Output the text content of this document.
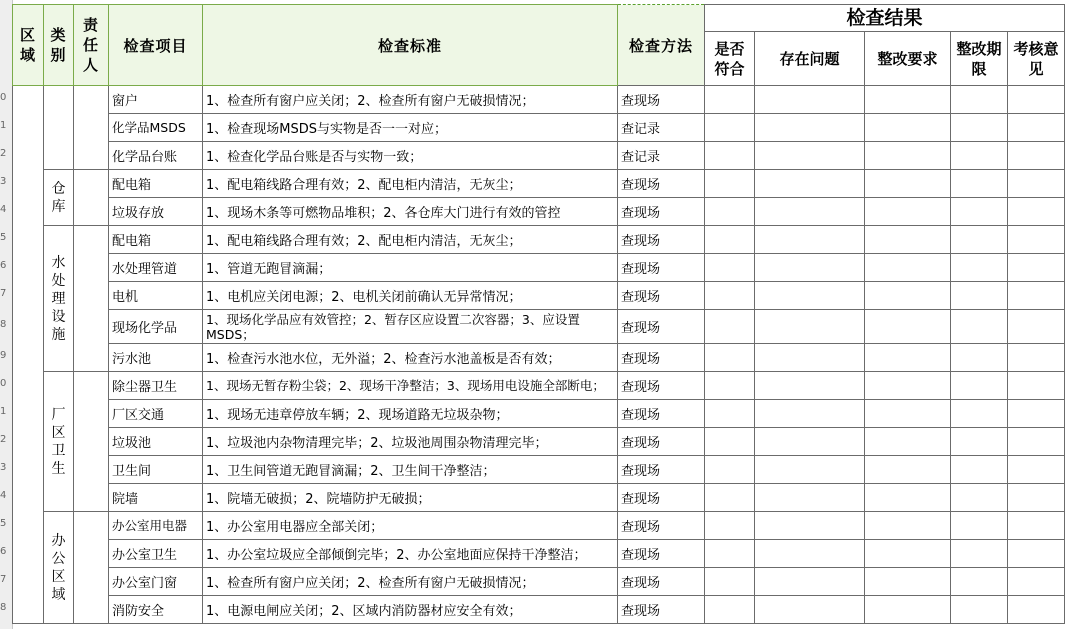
0
1
2
3
4
5
6
7
8
9
0
1
2
3
4
5
6
7
8
区域	类别	责任人	检查项目	检查标准	检查方法	检查结果				
						是否符合	存在问题	整改要求	整改期限	考核意见
			窗户	1、检查所有窗户应关闭；2、检查所有窗户无破损情况；	查现场					
			化学品MSDS	1、检查现场MSDS与实物是否一一对应；	查记录					
			化学品台账	1、检查化学品台账是否与实物一致；	查记录					
	仓库		配电箱	1、配电箱线路合理有效；2、配电柜内清洁，无灰尘；	查现场					
			垃圾存放	1、现场木条等可燃物品堆积；2、各仓库大门进行有效的管控	查现场					
	水处理设施		配电箱	1、配电箱线路合理有效；2、配电柜内清洁，无灰尘；	查现场					
			水处理管道	1、管道无跑冒滴漏；	查现场					
			电机	1、电机应关闭电源；2、电机关闭前确认无异常情况；	查现场					
			现场化学品	1、现场化学品应有效管控；2、暂存区应设置二次容器；3、应设置MSDS；	查现场					
			污水池	1、检查污水池水位，无外溢；2、检查污水池盖板是否有效；	查现场					
	厂区卫生		除尘器卫生	1、现场无暂存粉尘袋；2、现场干净整洁；3、现场用电设施全部断电；	查现场					
			厂区交通	1、现场无违章停放车辆；2、现场道路无垃圾杂物；	查现场					
			垃圾池	1、垃圾池内杂物清理完毕；2、垃圾池周围杂物清理完毕；	查现场					
			卫生间	1、卫生间管道无跑冒滴漏；2、卫生间干净整洁；	查现场					
			院墙	1、院墙无破损；2、院墙防护无破损；	查现场					
	办公区域		办公室用电器	1、办公室用电器应全部关闭；	查现场					
			办公室卫生	1、办公室垃圾应全部倾倒完毕；2、办公室地面应保持干净整洁；	查现场					
			办公室门窗	1、检查所有窗户应关闭；2、检查所有窗户无破损情况；	查现场					
			消防安全	1、电源电闸应关闭；2、区域内消防器材应安全有效；	查现场					
